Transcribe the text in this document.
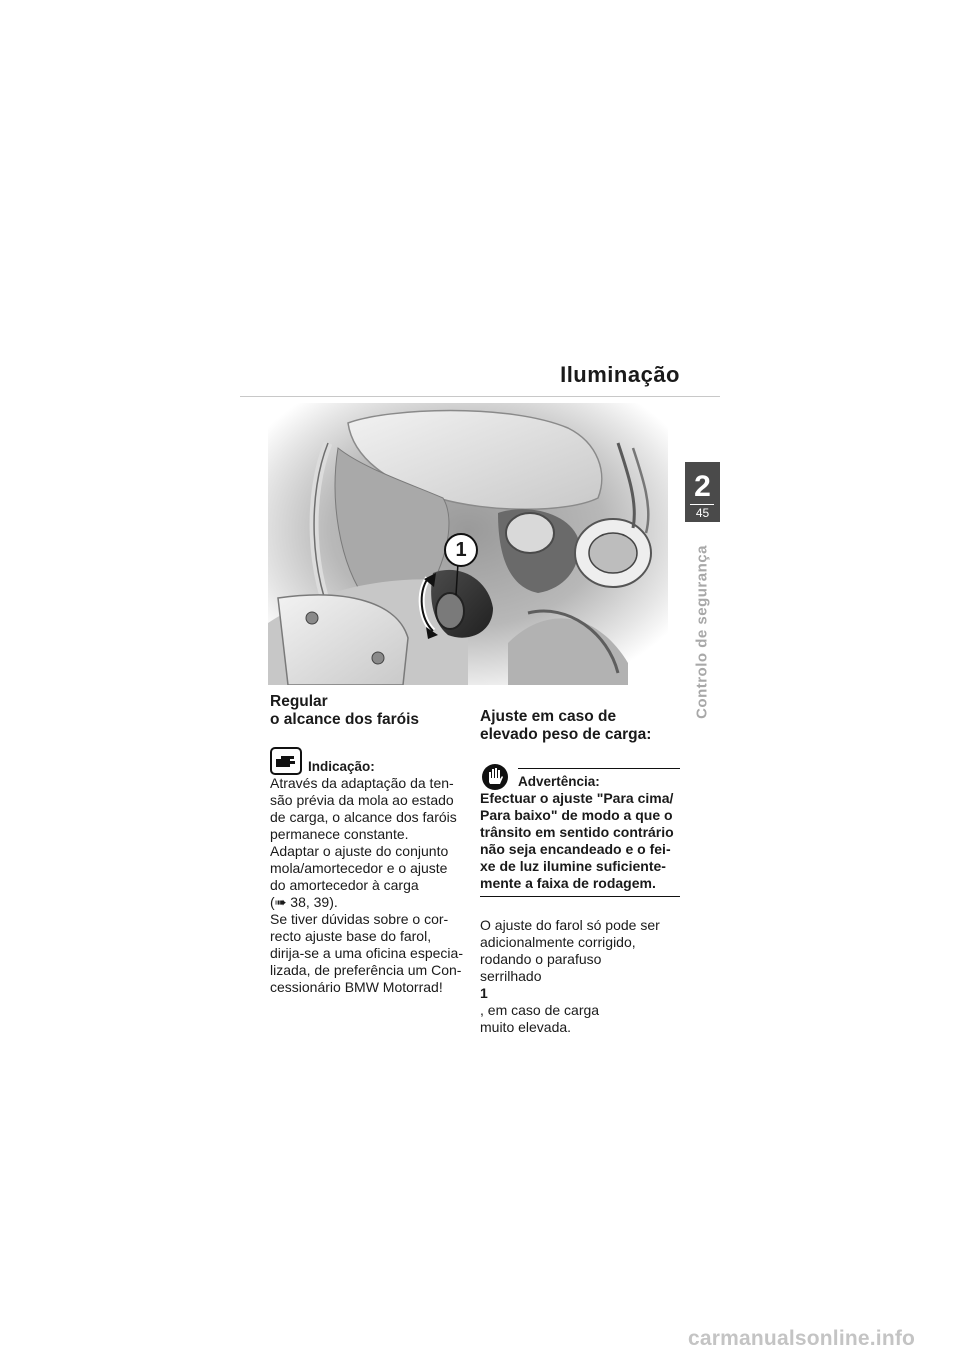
Iluminação
1
2
45
Controlo de segurança
Regular
o alcance dos faróis
Indicação:
Através da adaptação da ten-
são prévia da mola ao estado
de carga, o alcance dos faróis
permanece constante.
Adaptar o ajuste do conjunto
mola/amortecedor e o ajuste
do amortecedor à carga
(➠ 38, 39).
Se tiver dúvidas sobre o cor-
recto ajuste base do farol,
dirija-se a uma oficina especia-
lizada, de preferência um Con-
cessionário BMW Motorrad!
Ajuste em caso de
elevado peso de carga:
Advertência:
Efectuar o ajuste "Para cima/
Para baixo" de modo a que o
trânsito em sentido contrário
não seja encandeado e o fei-
xe de luz ilumine suficiente-
mente a faixa de rodagem.
O ajuste do farol só pode ser
adicionalmente corrigido,
rodando o parafuso
serrilhado
1
, em caso de carga
muito elevada.
carmanualsonline.info
